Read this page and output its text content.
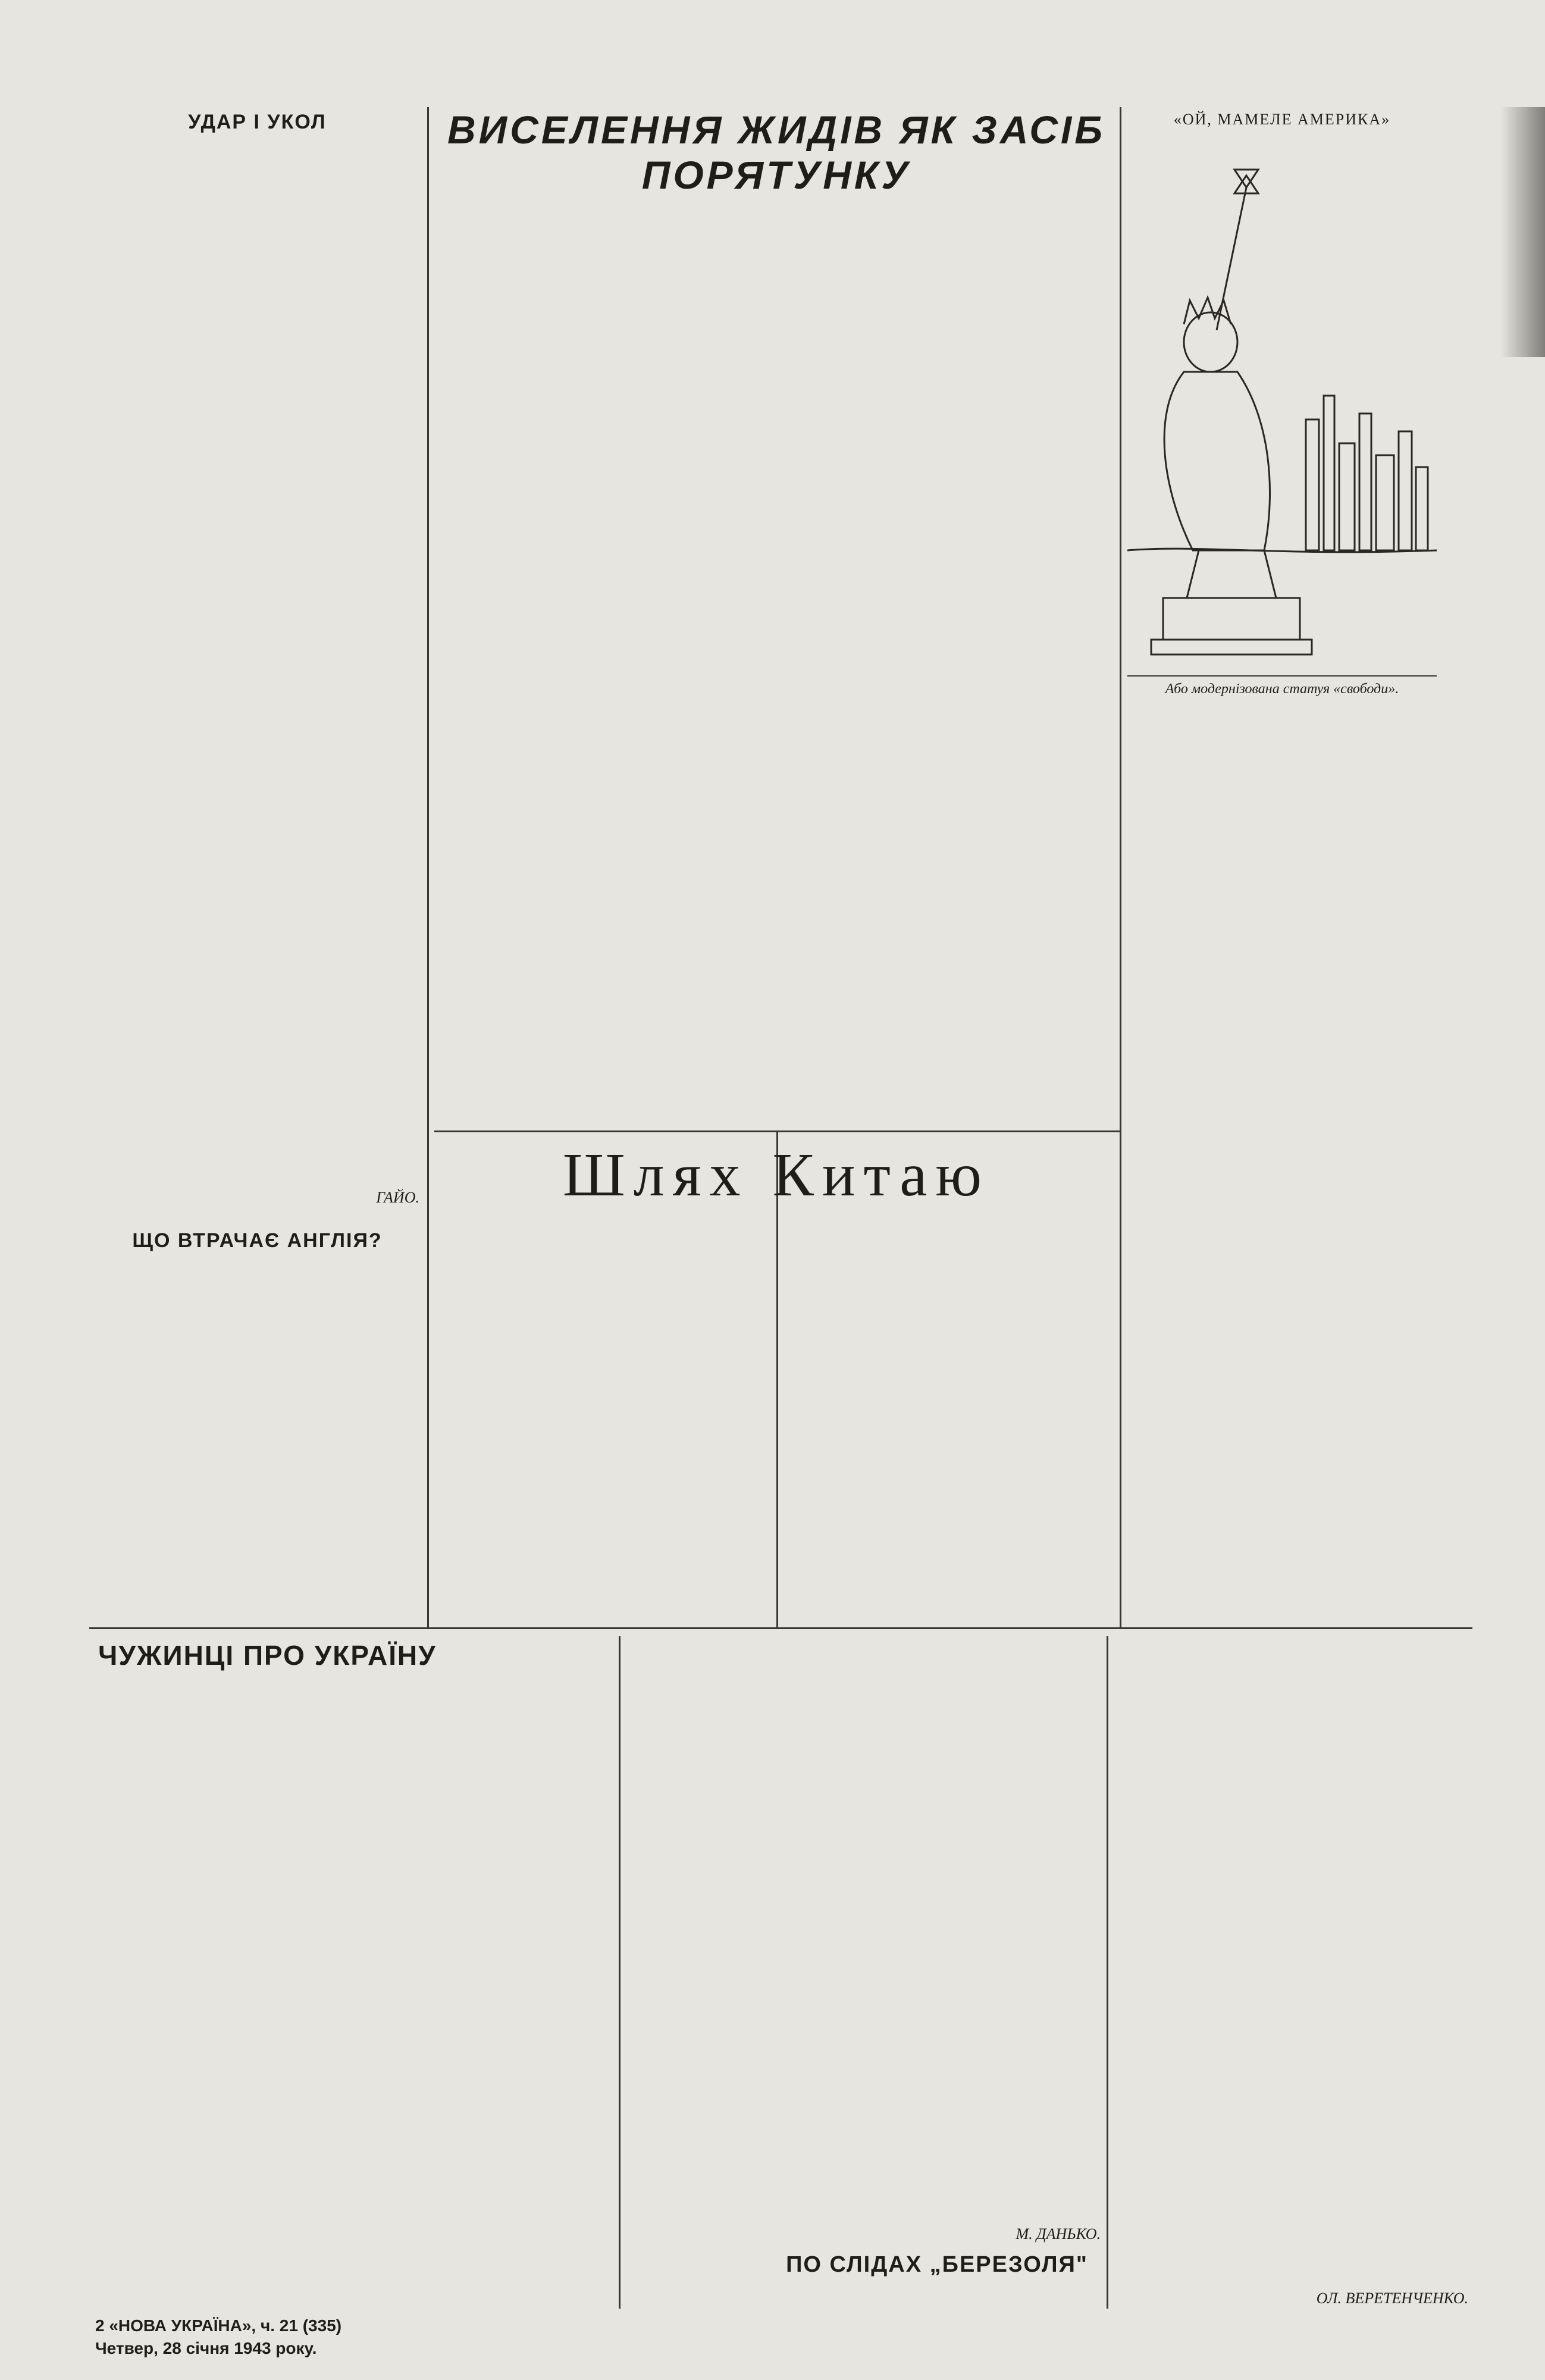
УДАР І УКОЛ

ГАЙО.

ЩО ВТРАЧАЄ АНГЛІЯ?
ВИСЕЛЕННЯ ЖИДІВ ЯК ЗАСІБ ПОРЯТУНКУ

«ОЙ, МАМЕЛЕ АМЕРИКА»

Або модернізована статуя «свободи».

Шлях Китаю
ЧУЖИНЦІ ПРО УКРАЇНУ

М. ДАНЬКО.

ПО СЛІДАХ „БЕРЕЗОЛЯ"

ОЛ. ВЕРЕТЕНЧЕНКО.

2 «НОВА УКРАЇНА», ч. 21 (335)

Четвер, 28 січня 1943 року.
